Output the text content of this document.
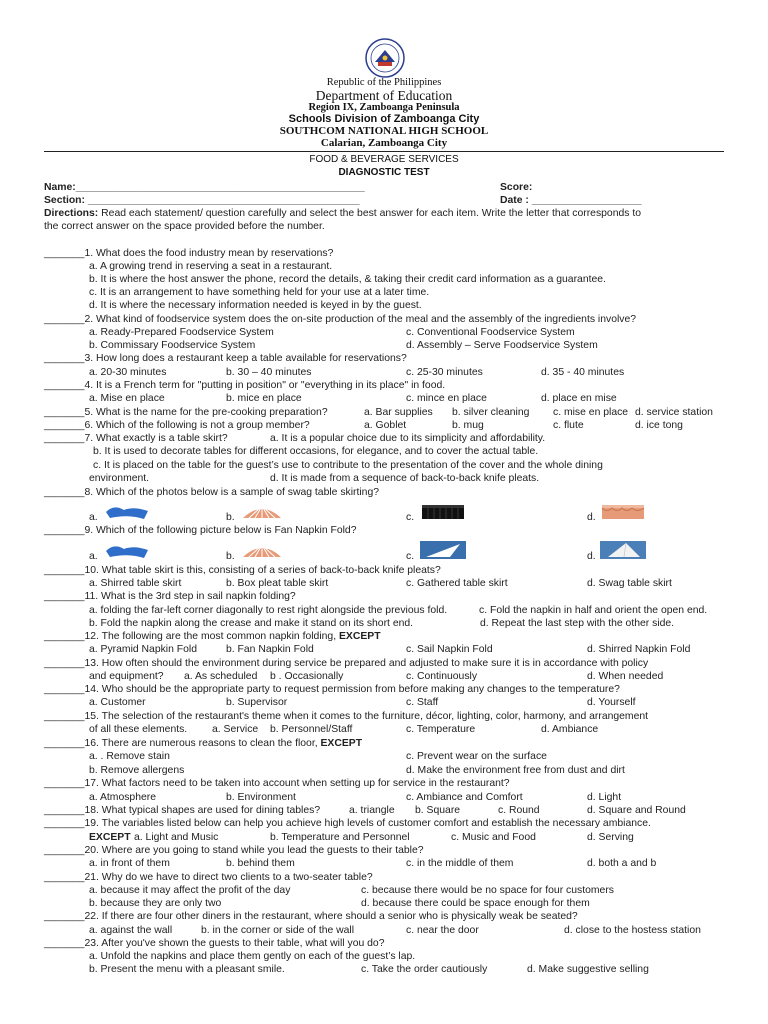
Republic of the Philippines
Department of Education
Region IX, Zamboanga Peninsula
Schools Division of Zamboanga City
SOUTHCOM NATIONAL HIGH SCHOOL
Calarian, Zamboanga City
FOOD & BEVERAGE SERVICES
DIAGNOSTIC TEST
Name:__________________________________________________	Score:
Section: _______________________________________________	Date : ___________________
Directions: Read each statement/ question carefully and select the best answer for each item. Write the letter that corresponds to
the correct answer on the space provided before the number.
_______1. What does the food industry mean by reservations?
a. A growing trend in reserving a seat in a restaurant.
b. It is where the host answer the phone, record the details, & taking their credit card information as a guarantee.
c. It is an arrangement to have something held for your use at a later time.
d. It is where the necessary information needed is keyed in by the guest.
_______2. What kind of foodservice system does the on-site production of the meal and the assembly of the ingredients involve?
a. Ready-Prepared Foodservice System	c. Conventional Foodservice System
b. Commissary Foodservice System	d. Assembly – Serve Foodservice System
_______3. How long does a restaurant keep a table available for reservations?
a. 20-30 minutes	b. 30 – 40 minutes	c. 25-30 minutes	d. 35 - 40 minutes
_______4. It is a French term for "putting in position" or "everything in its place" in food.
a. Mise en place	b. mice en place	c. mince en place	d. place en mise
_______5. What is the name for the pre-cooking preparation?	a. Bar supplies b. silver cleaning c. mise en place d. service station
_______6. Which of the following is not a group member?	a. Goblet	b. mug	c. flute	d. ice tong
_______7. What exactly is a table skirt?	a. It is a popular choice due to its simplicity and affordability.
b. It is used to decorate tables for different occasions, for elegance, and to cover the actual table.
c. It is placed on the table for the guest’s use to contribute to the presentation of the cover and the whole dining
environment.	d. It is made from a sequence of back-to-back knife pleats.
_______8. Which of the photos below is a sample of swag table skirting?
a.	b.	c.	d.
_______9. Which of the following picture below is Fan Napkin Fold?
a.	b.	c.	d.
_______10. What table skirt is this, consisting of a series of back-to-back knife pleats?
a. Shirred table skirt	b. Box pleat table skirt	c. Gathered table skirt	d. Swag table skirt
_______11. What is the 3rd step in sail napkin folding?
a. folding the far-left corner diagonally to rest right alongside the previous fold.	c. Fold the napkin in half and orient the open end.
b. Fold the napkin along the crease and make it stand on its short end.	d. Repeat the last step with the other side.
_______12. The following are the most common napkin folding, EXCEPT
a. Pyramid Napkin Fold	b. Fan Napkin Fold	c. Sail Napkin Fold	d. Shirred Napkin Fold
_______13. How often should the environment during service be prepared and adjusted to make sure it is in accordance with policy
and equipment? a. As scheduled b . Occasionally	c. Continuously	d. When needed
_______14. Who should be the appropriate party to request permission from before making any changes to the temperature?
a. Customer	b. Supervisor	c. Staff	d. Yourself
_______15. The selection of the restaurant's theme when it comes to the furniture, décor, lighting, color, harmony, and arrangement
of all these elements. a. Service b. Personnel/Staff	c. Temperature	d. Ambiance
_______16. There are numerous reasons to clean the floor, EXCEPT
a. . Remove stain	c. Prevent wear on the surface
b. Remove allergens	d. Make the environment free from dust and dirt
_______17. What factors need to be taken into account when setting up for service in the restaurant?
a. Atmosphere	b. Environment	c. Ambiance and Comfort	d. Light
_______18. What typical shapes are used for dining tables?	a. triangle b. Square	c. Round	d. Square and Round
_______19. The variables listed below can help you achieve high levels of customer comfort and establish the necessary ambiance.
EXCEPT a. Light and Music	b. Temperature and Personnel	c. Music and Food	d. Serving
_______20. Where are you going to stand while you lead the guests to their table?
a. in front of them	b. behind them	c. in the middle of them	d. both a and b
_______21. Why do we have to direct two clients to a two-seater table?
a. because it may affect the profit of the day	c. because there would be no space for four customers
b. because they are only two	d. because there could be space enough for them
_______22. If there are four other diners in the restaurant, where should a senior who is physically weak be seated?
a. against the wall	b. in the corner or side of the wall	c. near the door	d. close to the hostess station
_______23. After you've shown the guests to their table, what will you do?
a. Unfold the napkins and place them gently on each of the guest’s lap.
b. Present the menu with a pleasant smile.	c. Take the order cautiously	d. Make suggestive selling
